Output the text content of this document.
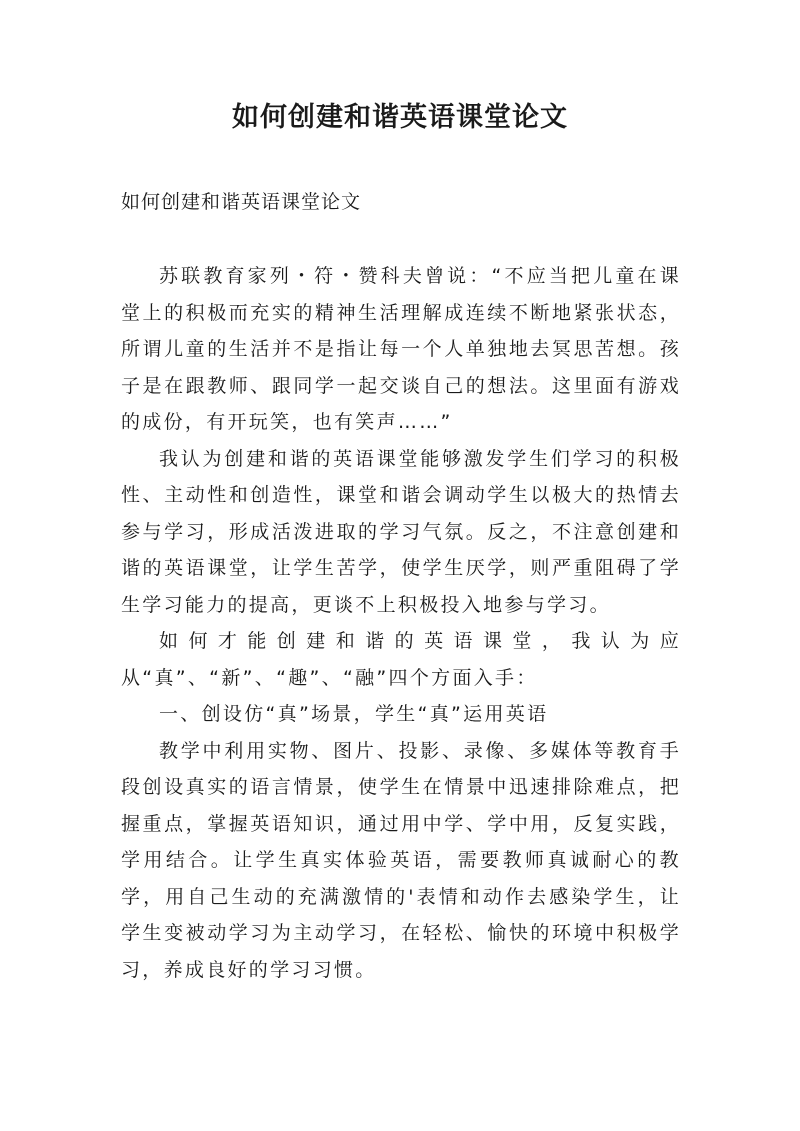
如何创建和谐英语课堂论文

如何创建和谐英语课堂论文

苏联教育家列・符・赞科夫曾说：“不应当把儿童在课堂上的积极而充实的精神生活理解成连续不断地紧张状态，所谓儿童的生活并不是指让每一个人单独地去冥思苦想。孩子是在跟教师、跟同学一起交谈自己的想法。这里面有游戏的成份，有开玩笑，也有笑声……”

我认为创建和谐的英语课堂能够激发学生们学习的积极性、主动性和创造性，课堂和谐会调动学生以极大的热情去参与学习，形成活泼进取的学习气氛。反之，不注意创建和谐的英语课堂，让学生苦学，使学生厌学，则严重阻碍了学生学习能力的提高，更谈不上积极投入地参与学习。

如何才能创建和谐的英语课堂，我认为应从“真”、“新”、“趣”、“融”四个方面入手：

一、创设仿“真”场景，学生“真”运用英语

教学中利用实物、图片、投影、录像、多媒体等教育手段创设真实的语言情景，使学生在情景中迅速排除难点，把握重点，掌握英语知识，通过用中学、学中用，反复实践，学用结合。让学生真实体验英语，需要教师真诚耐心的教学，用自己生动的充满激情的'表情和动作去感染学生，让学生变被动学习为主动学习，在轻松、愉快的环境中积极学习，养成良好的学习习惯。
